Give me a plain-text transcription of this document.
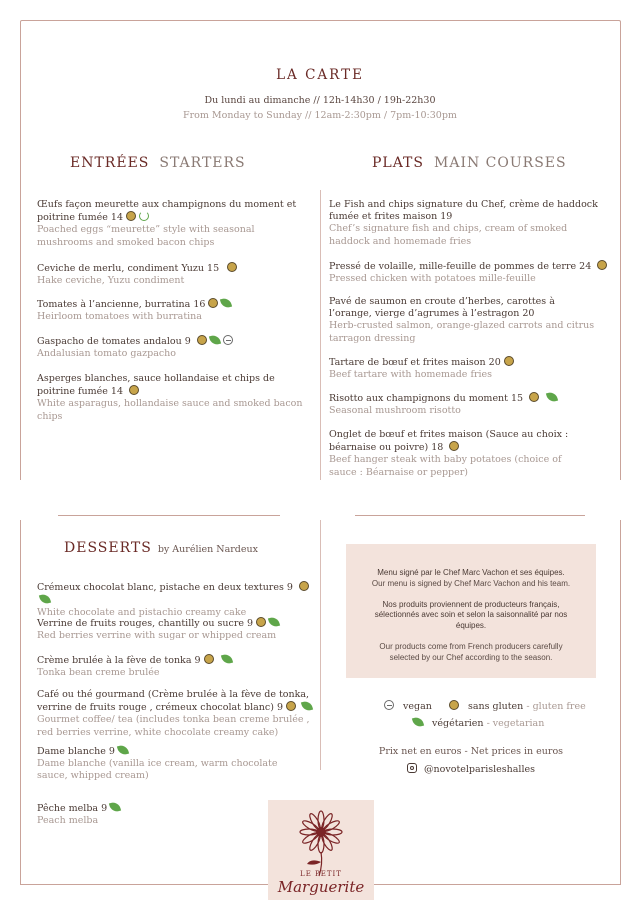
LA CARTE
Du lundi au dimanche // 12h-14h30 / 19h-22h30
From Monday to Sunday // 12am-2:30pm / 7pm-10:30pm
ENTRÉES STARTERS
Œufs façon meurette aux champignons du moment et poitrine fumée 14
Poached eggs “meurette” style with seasonal mushrooms and smoked bacon chips
Ceviche de merlu, condiment Yuzu 15
Hake ceviche, Yuzu condiment
Tomates à l’ancienne, burratina 16
Heirloom tomatoes with burratina
Gaspacho de tomates andalou 9
Andalusian tomato gazpacho
Asperges blanches, sauce hollandaise et chips de poitrine fumée 14
White asparagus, hollandaise sauce and smoked bacon chips
PLATS MAIN COURSES
Le Fish and chips signature du Chef, crème de haddock fumée et frites maison 19
Chef’s signature fish and chips, cream of smoked haddock and homemade fries
Pressé de volaille, mille-feuille de pommes de terre 24
Pressed chicken with potatoes mille-feuille
Pavé de saumon en croute d’herbes, carottes à l’orange, vierge d’agrumes à l’estragon 20
Herb-crusted salmon, orange-glazed carrots and citrus tarragon dressing
Tartare de bœuf et frites maison 20
Beef tartare with homemade fries
Risotto aux champignons du moment 15
Seasonal mushroom risotto
Onglet de bœuf et frites maison (Sauce au choix : béarnaise ou poivre) 18
Beef hanger steak with baby potatoes (choice of sauce : Béarnaise or pepper)
DESSERTS by Aurélien Nardeux
Crémeux chocolat blanc, pistache en deux textures 9
White chocolate and pistachio creamy cake
Verrine de fruits rouges, chantilly ou sucre 9
Red berries verrine with sugar or whipped cream
Crème brulée à la fève de tonka 9
Tonka bean creme brulée
Café ou thé gourmand (Crème brulée à la fève de tonka, verrine de fruits rouge , crémeux chocolat blanc) 9
Gourmet coffee/ tea (includes tonka bean creme brulée , red berries verrine, white chocolate creamy cake)
Dame blanche 9
Dame blanche (vanilla ice cream, warm chocolate sauce, whipped cream)
Pêche melba 9
Peach melba

Menu signé par le Chef Marc Vachon et ses équipes.
Our menu is signed by Chef Marc Vachon and his team.

Nos produits proviennent de producteurs français, sélectionnés avec soin et selon la saisonnalité par nos équipes.

Our products come from French producers carefully selected by our Chef according to the season.

vegan	sans gluten - gluten free
végétarien - vegetarian
Prix net en euros - Net prices in euros
@novotelparisleshalles
LE PETIT
Marguerite
